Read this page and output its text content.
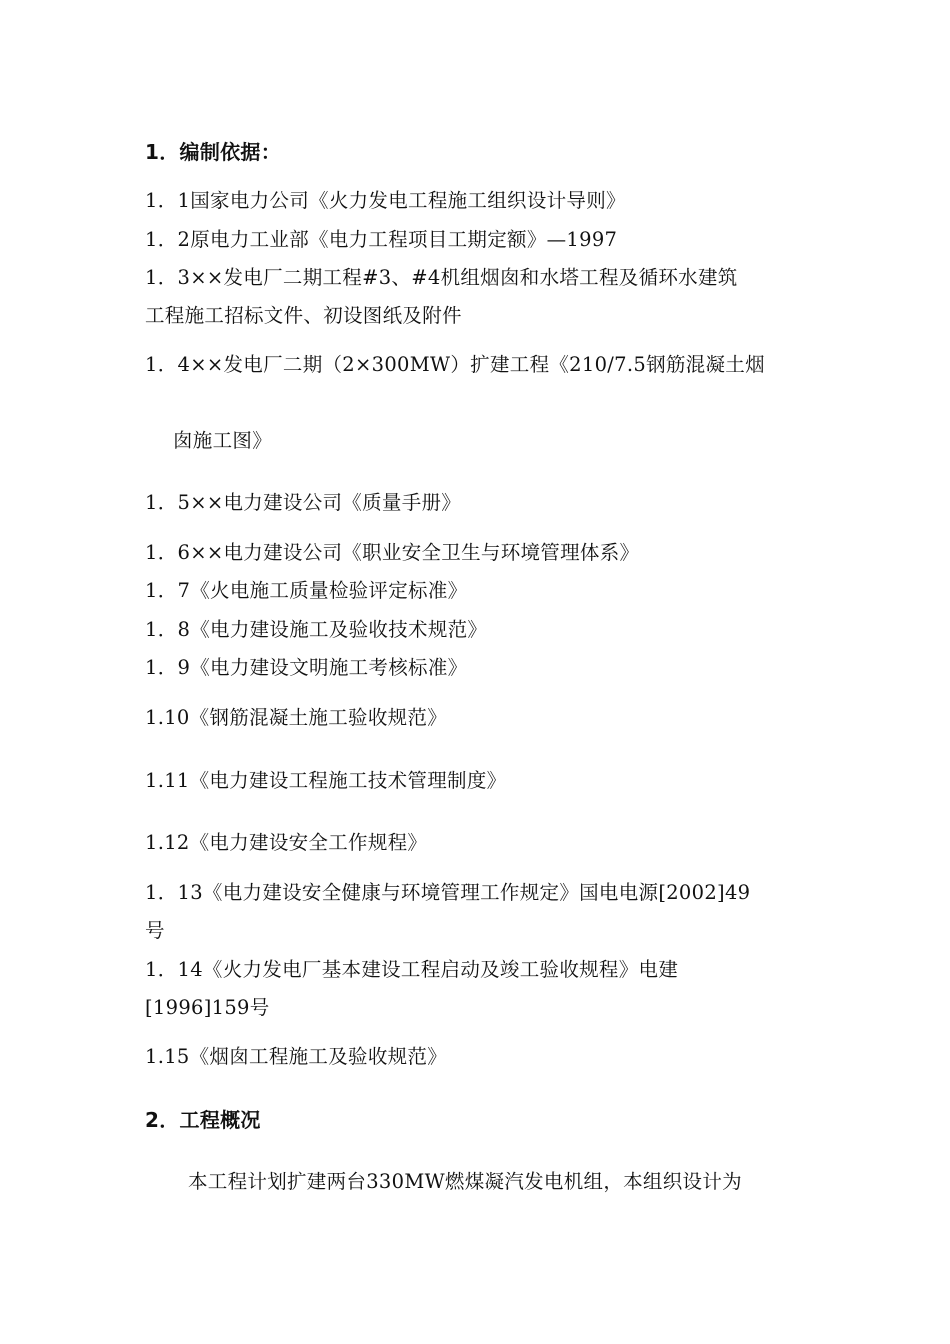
1．编制依据：
1．1国家电力公司《火力发电工程施工组织设计导则》
1．2原电力工业部《电力工程项目工期定额》—1997
1．3××发电厂二期工程#3、#4机组烟囱和水塔工程及循环水建筑
工程施工招标文件、初设图纸及附件
1．4××发电厂二期（2×300MW）扩建工程《210/7.5钢筋混凝土烟
囱施工图》
1．5××电力建设公司《质量手册》
1．6××电力建设公司《职业安全卫生与环境管理体系》
1．7《火电施工质量检验评定标准》
1．8《电力建设施工及验收技术规范》
1．9《电力建设文明施工考核标准》
1.10《钢筋混凝土施工验收规范》
1.11《电力建设工程施工技术管理制度》
1.12《电力建设安全工作规程》
1．13《电力建设安全健康与环境管理工作规定》国电电源[2002]49
号
1．14《火力发电厂基本建设工程启动及竣工验收规程》电建
[1996]159号
1.15《烟囱工程施工及验收规范》
2．工程概况
本工程计划扩建两台330MW燃煤凝汽发电机组，本组织设计为
